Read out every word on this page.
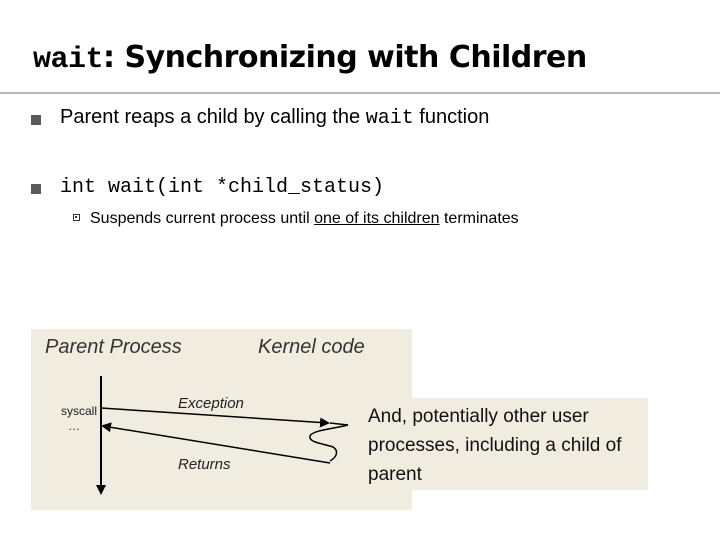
wait: Synchronizing with Children
Parent reaps a child by calling the wait function
int wait(int *child_status)
Suspends current process until one of its children terminates
Parent Process	Kernel code
syscall
…
Exception
Returns
And, potentially other user processes, including a child of parent
